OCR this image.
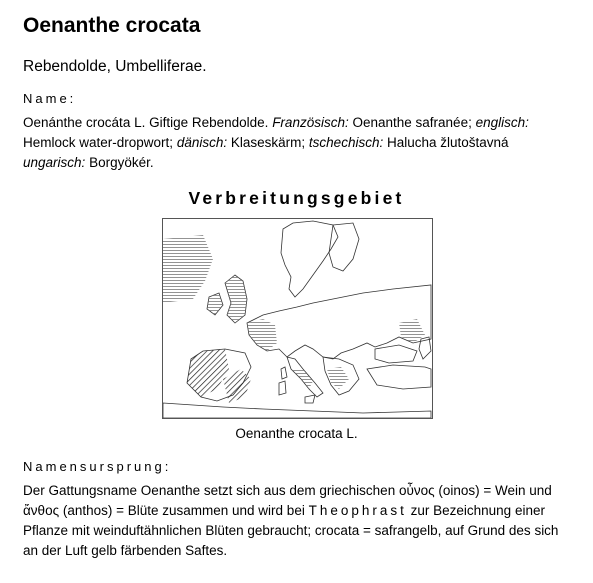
Oenanthe crocata
Rebendolde, Umbelliferae.
Name:
Oenánthe crocáta L. Giftige Rebendolde. Französisch: Oenanthe safranée; englisch: Hemlock water-dropwort; dänisch: Klaseskärm; tschechisch: Halucha žlutoštavná
ungarisch: Borgyökér.
Verbreitungsgebiet
Oenanthe crocata L.
Namensursprung:
Der Gattungsname Oenanthe setzt sich aus dem griechischen οὖνος (oinos) = Wein und ἄνθος (anthos) = Blüte zusammen und wird bei Theophrast zur Bezeichnung einer Pflanze mit weinduftähnlichen Blüten gebraucht; crocata = safrangelb, auf Grund des sich an der Luft gelb färbenden Saftes.
